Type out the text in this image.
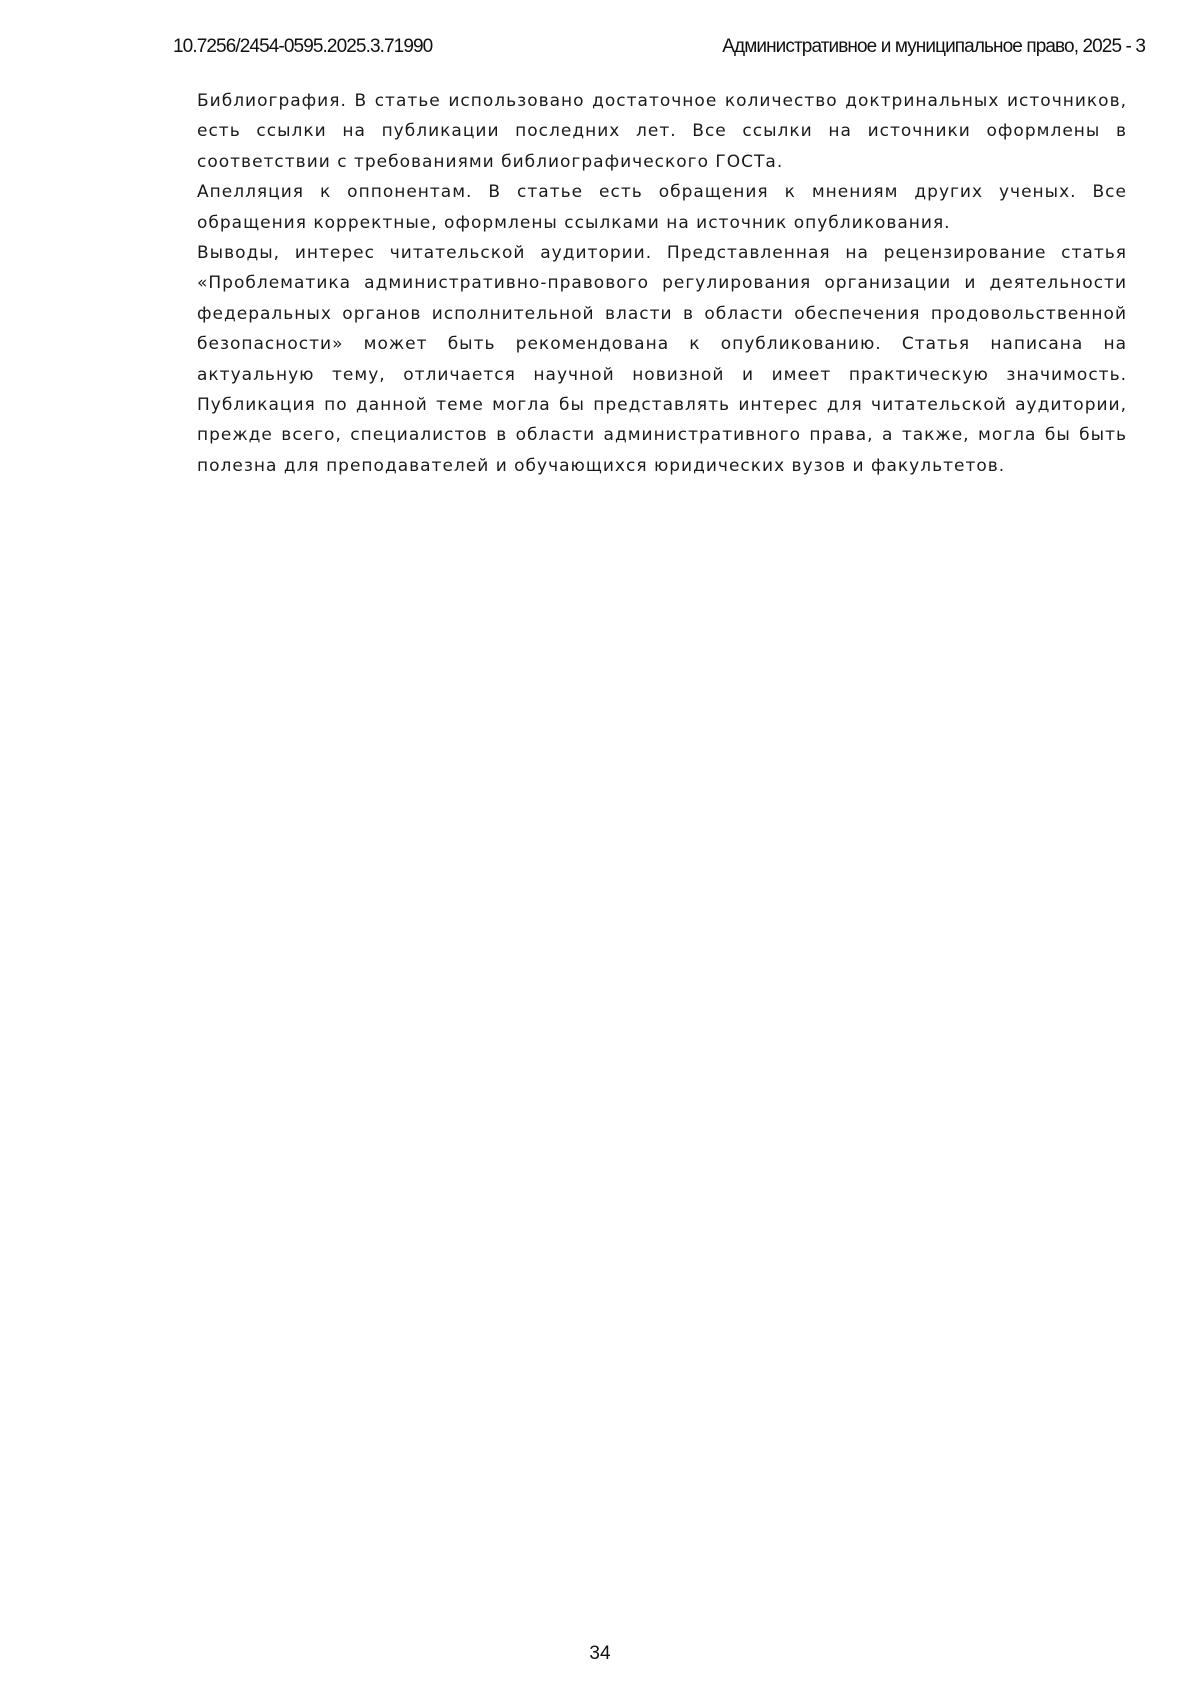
10.7256/2454-0595.2025.3.71990	Административное и муниципальное право, 2025 - 3

Библиография. В статье использовано достаточное количество доктринальных источников, есть ссылки на публикации последних лет. Все ссылки на источники оформлены в соответствии с требованиями библиографического ГОСТа.

Апелляция к оппонентам. В статье есть обращения к мнениям других ученых. Все обращения корректные, оформлены ссылками на источник опубликования.

Выводы, интерес читательской аудитории. Представленная на рецензирование статья «Проблематика административно-правового регулирования организации и деятельности федеральных органов исполнительной власти в области обеспечения продовольственной безопасности» может быть рекомендована к опубликованию. Статья написана на актуальную тему, отличается научной новизной и имеет практическую значимость. Публикация по данной теме могла бы представлять интерес для читательской аудитории, прежде всего, специалистов в области административного права, а также, могла бы быть полезна для преподавателей и обучающихся юридических вузов и факультетов.

34
